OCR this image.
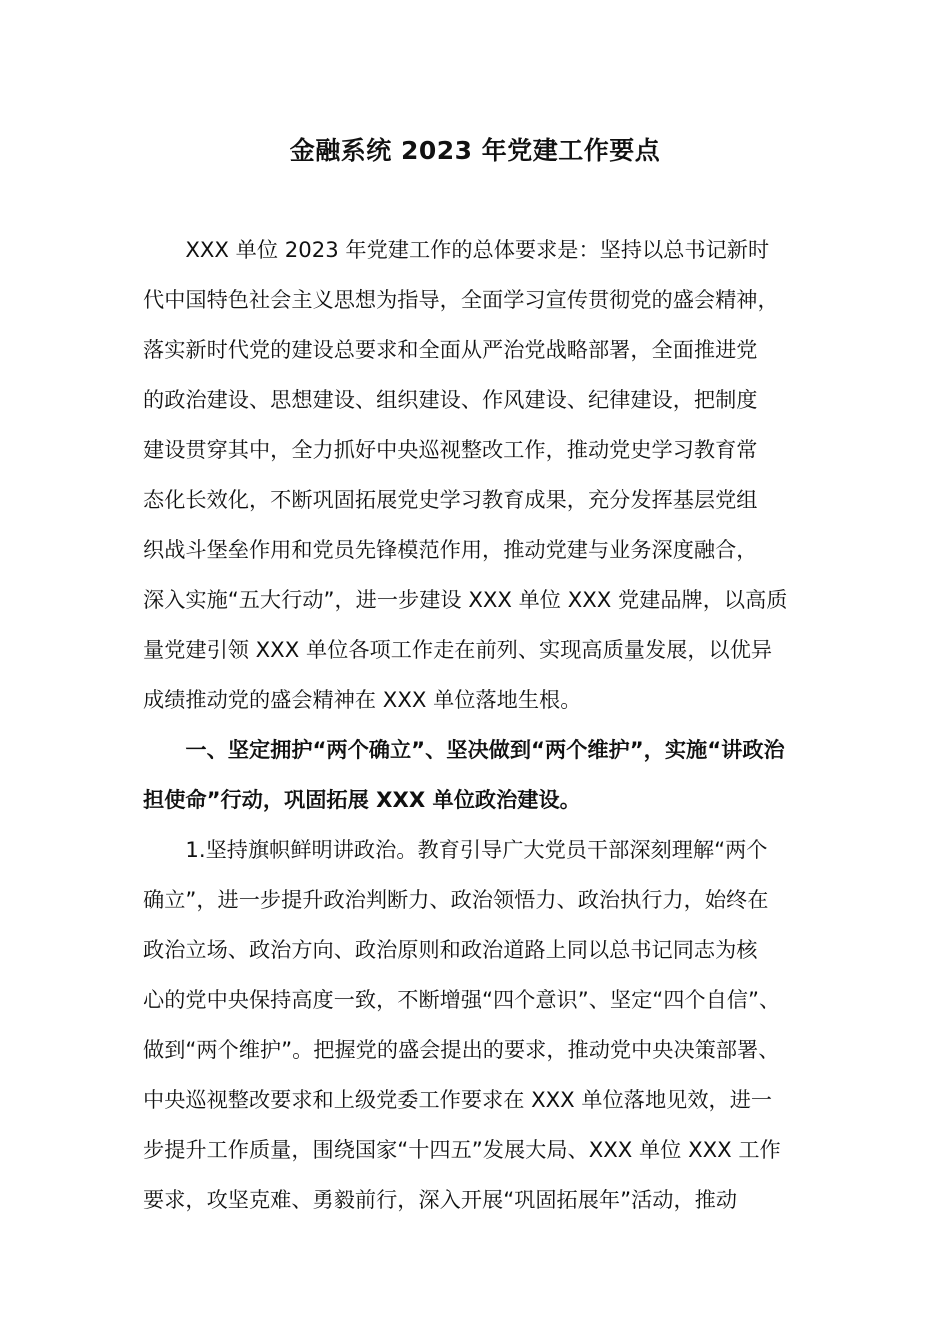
金融系统 2023 年党建工作要点
　　XXX 单位 2023 年党建工作的总体要求是：坚持以总书记新时
代中国特色社会主义思想为指导，全面学习宣传贯彻党的盛会精神，
落实新时代党的建设总要求和全面从严治党战略部署，全面推进党
的政治建设、思想建设、组织建设、作风建设、纪律建设，把制度
建设贯穿其中，全力抓好中央巡视整改工作，推动党史学习教育常
态化长效化，不断巩固拓展党史学习教育成果，充分发挥基层党组
织战斗堡垒作用和党员先锋模范作用，推动党建与业务深度融合，
深入实施“五大行动”，进一步建设 XXX 单位 XXX 党建品牌，以高质
量党建引领 XXX 单位各项工作走在前列、实现高质量发展，以优异
成绩推动党的盛会精神在 XXX 单位落地生根。
　　一、坚定拥护“两个确立”、坚决做到“两个维护”，实施“讲政治
担使命”行动，巩固拓展 XXX 单位政治建设。
　　1.坚持旗帜鲜明讲政治。教育引导广大党员干部深刻理解“两个
确立”，进一步提升政治判断力、政治领悟力、政治执行力，始终在
政治立场、政治方向、政治原则和政治道路上同以总书记同志为核
心的党中央保持高度一致，不断增强“四个意识”、坚定“四个自信”、
做到“两个维护”。把握党的盛会提出的要求，推动党中央决策部署、
中央巡视整改要求和上级党委工作要求在 XXX 单位落地见效，进一
步提升工作质量，围绕国家“十四五”发展大局、XXX 单位 XXX 工作
要求，攻坚克难、勇毅前行，深入开展“巩固拓展年”活动，推动
